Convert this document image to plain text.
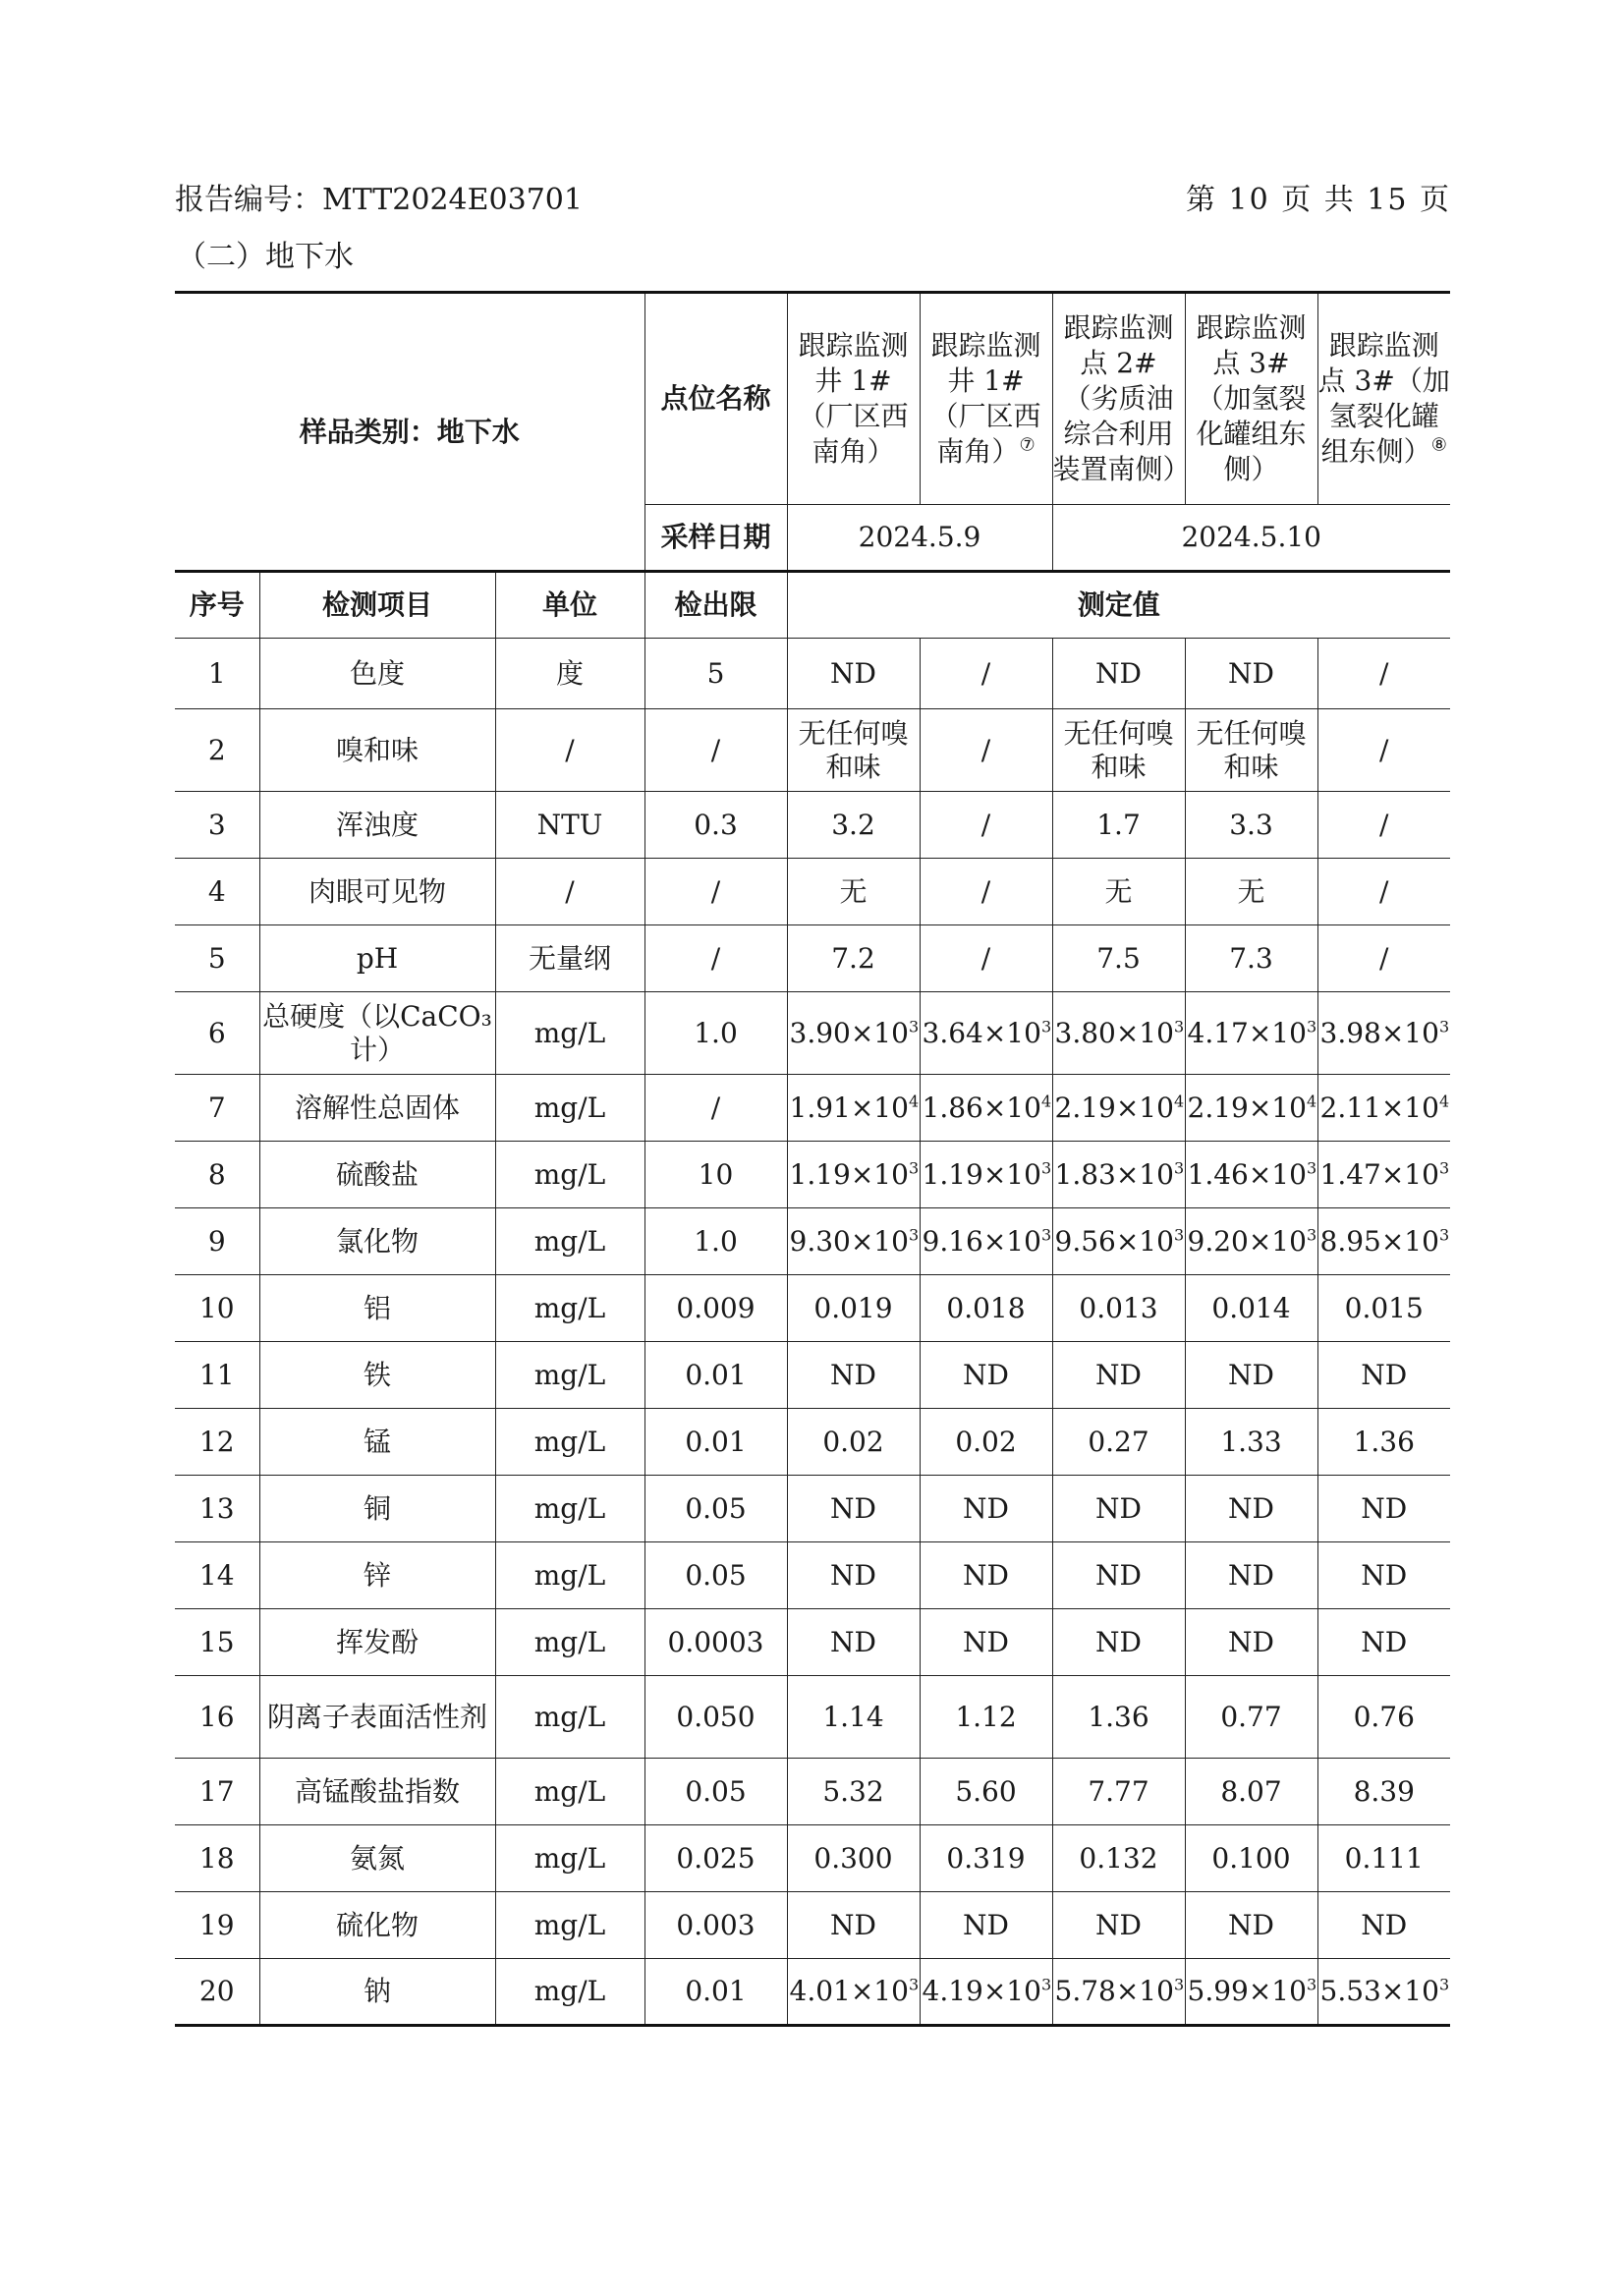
报告编号：MTT2024E03701	第 10 页 共 15 页
（二）地下水
样品类别：地下水			点位名称	跟踪监测井 1#（厂区西南角）	跟踪监测井 1#（厂区西南角）⑦	跟踪监测点 2#（劣质油综合利用装置南侧）	跟踪监测点 3#（加氢裂化罐组东侧）	跟踪监测点 3#（加氢裂化罐组东侧）⑧
			采样日期	2024.5.9		2024.5.10		
序号	检测项目	单位	检出限	测定值				
1	色度	度	5	ND	/	ND	ND	/
2	嗅和味	/	/	无任何嗅和味	/	无任何嗅和味	无任何嗅和味	/
3	浑浊度	NTU	0.3	3.2	/	1.7	3.3	/
4	肉眼可见物	/	/	无	/	无	无	/
5	pH	无量纲	/	7.2	/	7.5	7.3	/
6	总硬度（以CaCO₃计）	mg/L	1.0	$3.90\times 10^3$	$3.64\times 10^3$	$3.80\times 10^3$	$4.17\times 10^3$	$3.98\times 10^3$
7	溶解性总固体	mg/L	/	$1.91\times 10^4$	$1.86\times 10^4$	$2.19\times 10^4$	$2.19\times 10^4$	$2.11\times 10^4$
8	硫酸盐	mg/L	10	$1.19\times 10^3$	$1.19\times 10^3$	$1.83\times 10^3$	$1.46\times 10^3$	$1.47\times 10^3$
9	氯化物	mg/L	1.0	$9.30\times 10^3$	$9.16\times 10^3$	$9.56\times 10^3$	$9.20\times 10^3$	$8.95\times 10^3$
10	铝	mg/L	0.009	0.019	0.018	0.013	0.014	0.015
11	铁	mg/L	0.01	ND	ND	ND	ND	ND
12	锰	mg/L	0.01	0.02	0.02	0.27	1.33	1.36
13	铜	mg/L	0.05	ND	ND	ND	ND	ND
14	锌	mg/L	0.05	ND	ND	ND	ND	ND
15	挥发酚	mg/L	0.0003	ND	ND	ND	ND	ND
16	阴离子表面活性剂	mg/L	0.050	1.14	1.12	1.36	0.77	0.76
17	高锰酸盐指数	mg/L	0.05	5.32	5.60	7.77	8.07	8.39
18	氨氮	mg/L	0.025	0.300	0.319	0.132	0.100	0.111
19	硫化物	mg/L	0.003	ND	ND	ND	ND	ND
20	钠	mg/L	0.01	$4.01\times 10^3$	$4.19\times 10^3$	$5.78\times 10^3$	$5.99\times 10^3$	$5.53\times 10^3$
